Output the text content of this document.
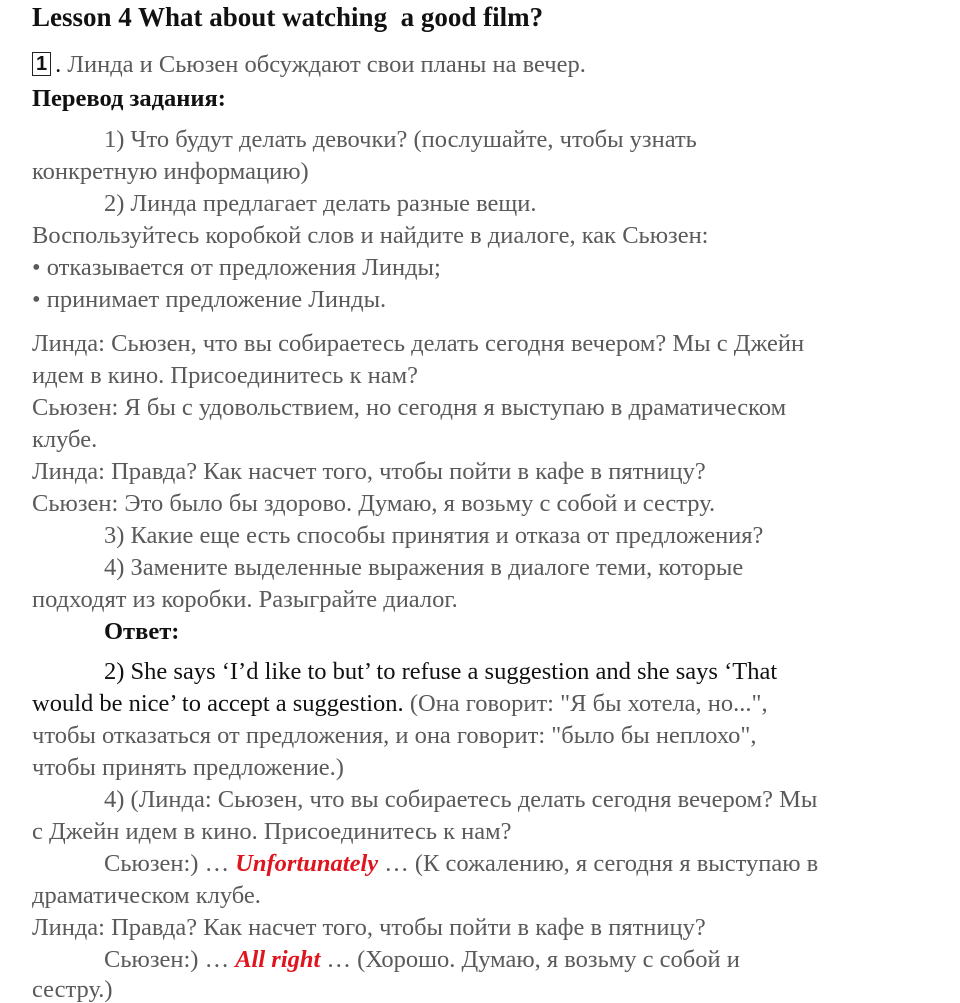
Lesson 4 What about watching  a good film?
1 . Линда и Сьюзен обсуждают свои планы на вечер.
Перевод задания:
1) Что будут делать девочки? (послушайте, чтобы узнать
конкретную информацию)
2) Линда предлагает делать разные вещи.
Воспользуйтесь коробкой слов и найдите в диалоге, как Сьюзен:
• отказывается от предложения Линды;
• принимает предложение Линды.
Линда: Сьюзен, что вы собираетесь делать сегодня вечером? Мы с Джейн
идем в кино. Присоединитесь к нам?
Сьюзен: Я бы с удовольствием, но сегодня я выступаю в драматическом
клубе.
Линда: Правда? Как насчет того, чтобы пойти в кафе в пятницу?
Сьюзен: Это было бы здорово. Думаю, я возьму с собой и сестру.
3) Какие еще есть способы принятия и отказа от предложения?
4) Замените выделенные выражения в диалоге теми, которые
подходят из коробки. Разыграйте диалог.
Ответ:
2) She says ‘I’d like to but’ to refuse a suggestion and she says ‘That
would be nice’ to accept a suggestion. (Она говорит: "Я бы хотела, но...",
чтобы отказаться от предложения, и она говорит: "было бы неплохо",
чтобы принять предложение.)
4) (Линда: Сьюзен, что вы собираетесь делать сегодня вечером? Мы
с Джейн идем в кино. Присоединитесь к нам?
Сьюзен:) … Unfortunately … (К сожалению, я сегодня я выступаю в
драматическом клубе.
Линда: Правда? Как насчет того, чтобы пойти в кафе в пятницу?
Сьюзен:) … All right … (Хорошо. Думаю, я возьму с собой и
сестру.)
